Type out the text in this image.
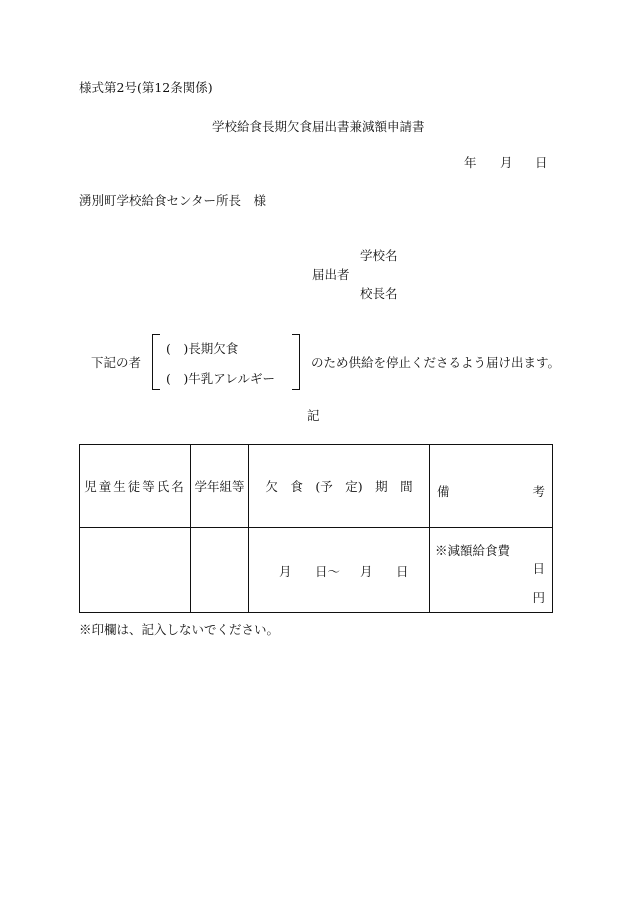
様式第2号(第12条関係)
学校給食長期欠食届出書兼減額申請書
年 月 日
湧別町学校給食センター所長　様
学校名
届出者
校長名
下記の者
(　)長期欠食
(　)牛乳アレルギー
のため供給を停止くださるよう届け出ます。
記
児童生徒等氏名	学年組等	欠　食　(予　定)　期　間	備 考

		月 日～ 月 日	※減額給食費
日
円
※印欄は、記入しないでください。
